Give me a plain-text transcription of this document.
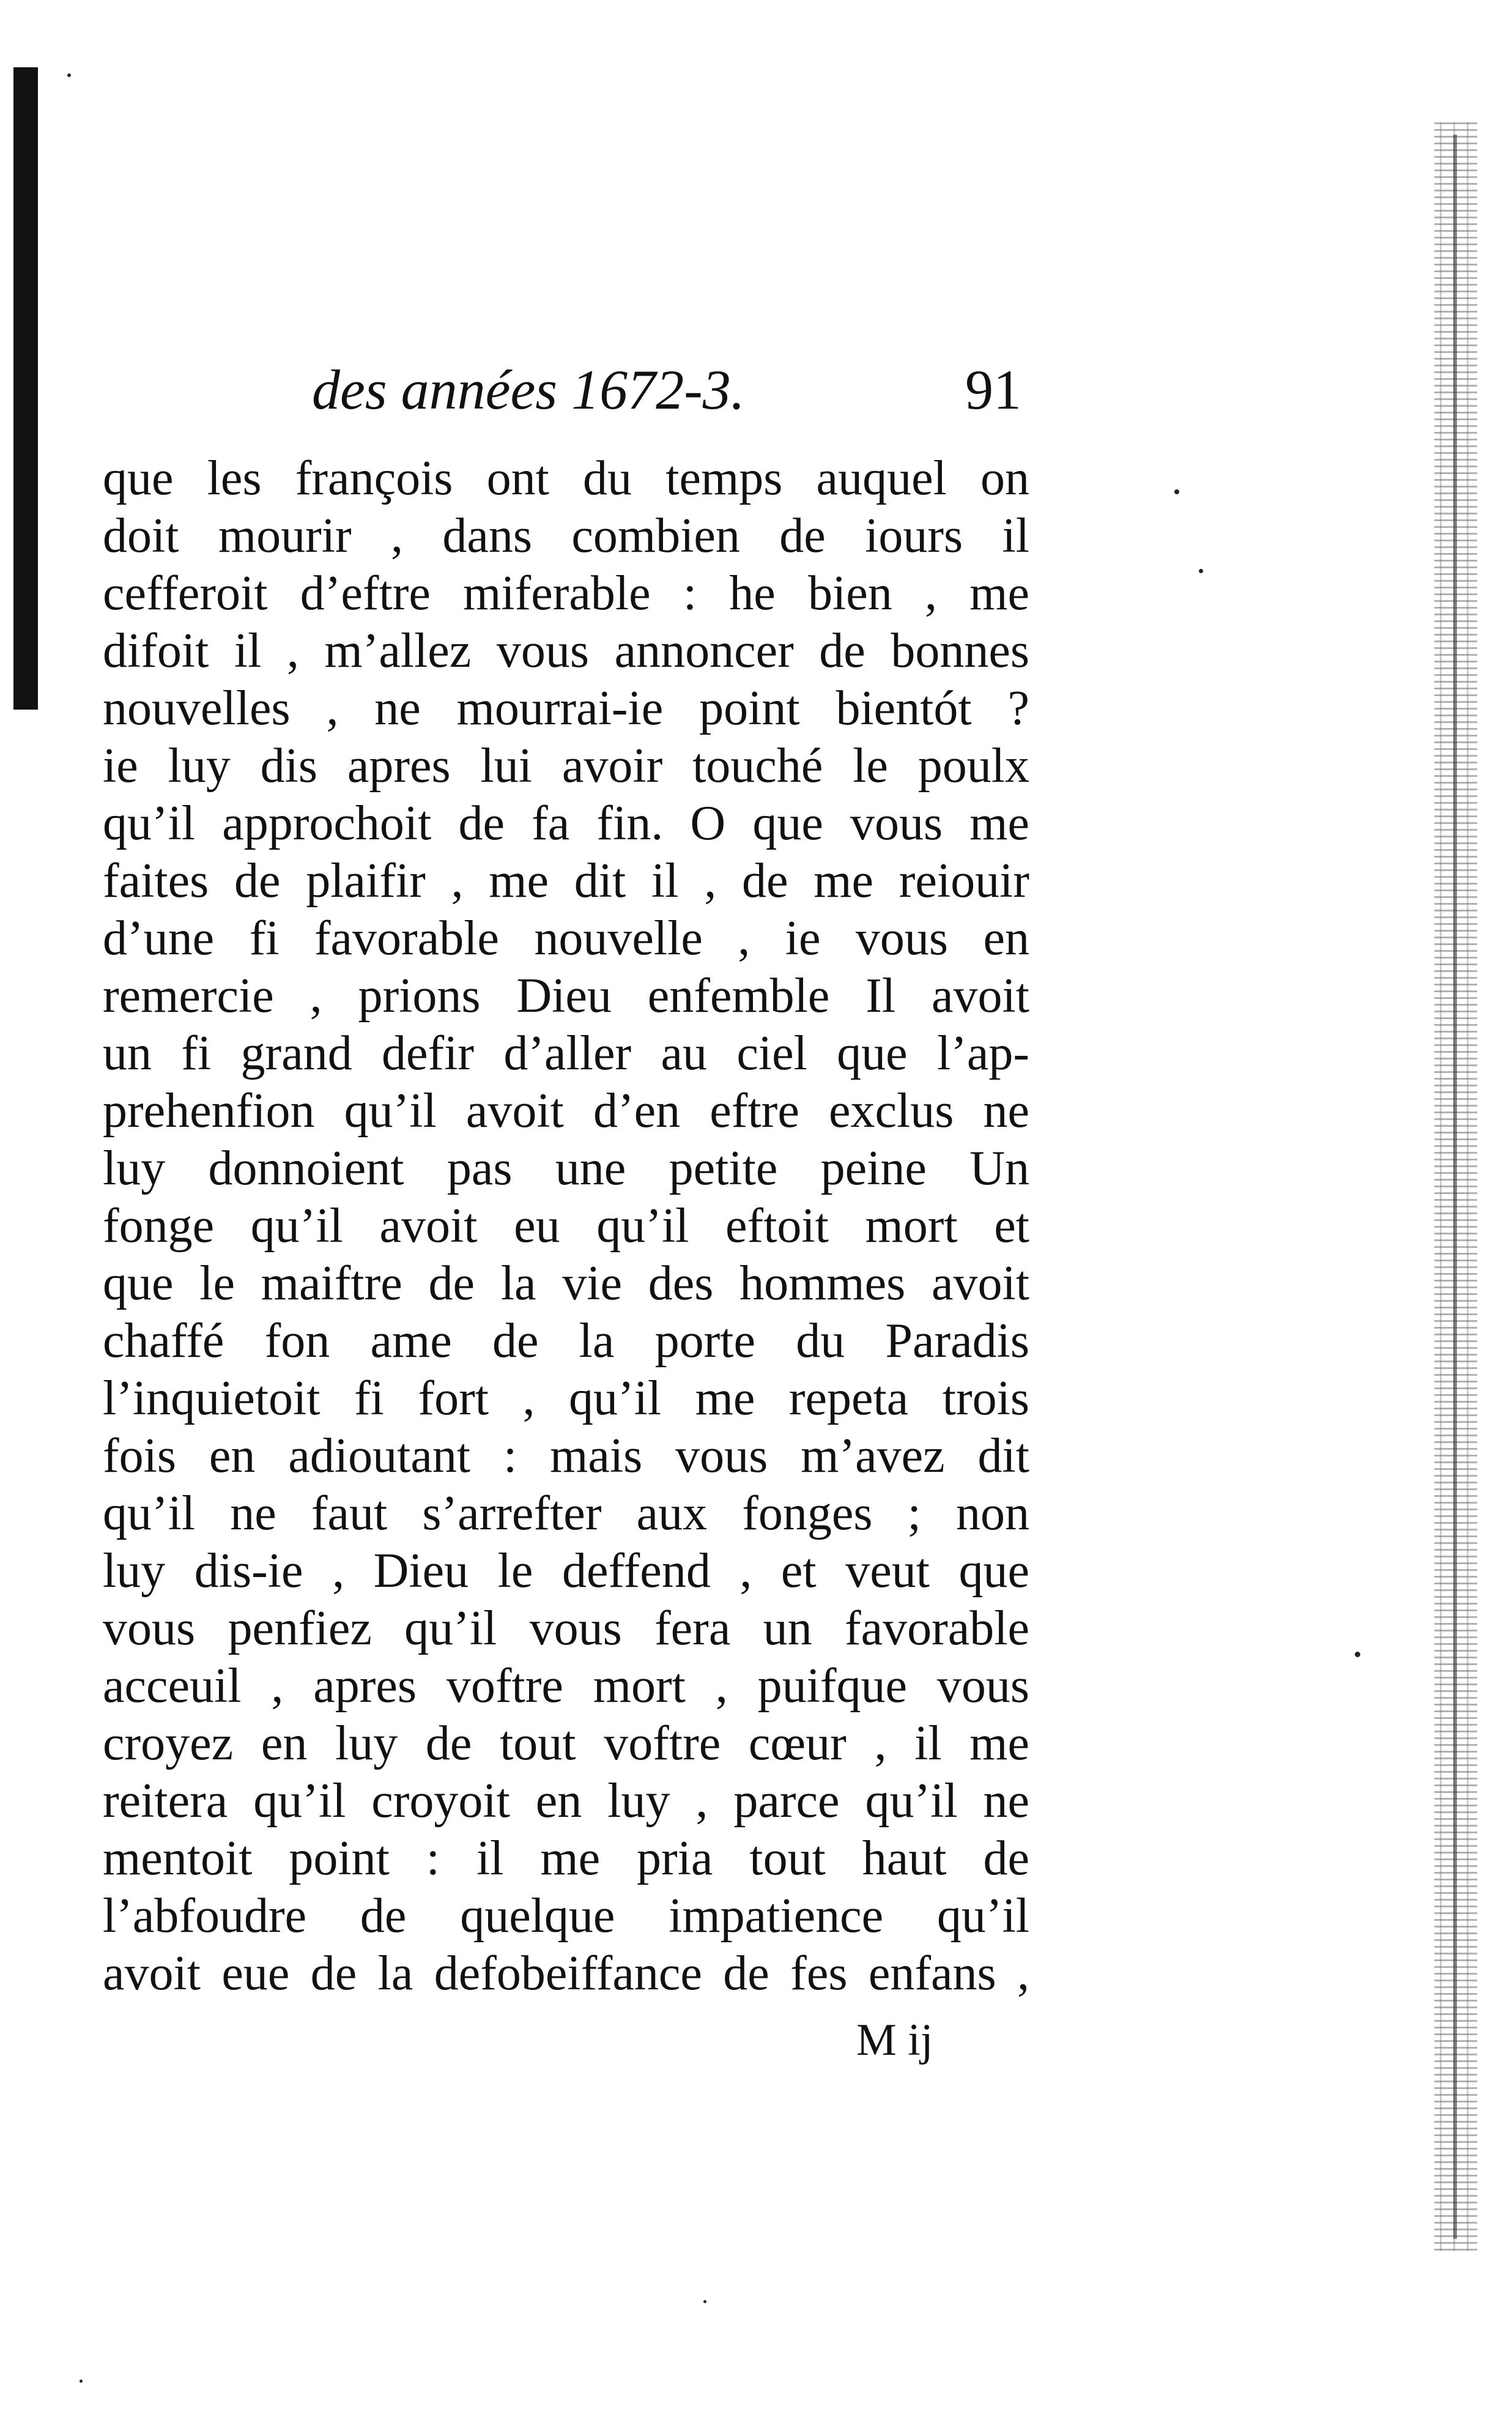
des années 1672-3.	91
que les françois ont du temps auquel on
doit mourir , dans combien de iours il
cefferoit d’eftre miferable : he bien , me
difoit il , m’allez vous annoncer de bonnes
nouvelles , ne mourrai-ie point bientót ?
ie luy dis apres lui avoir touché le poulx
qu’il approchoit de fa fin. O que vous me
faites de plaifir , me dit il , de me reiouir
d’une fi favorable nouvelle , ie vous en
remercie , prions Dieu enfemble Il avoit
un fi grand defir d’aller au ciel que l’ap-
prehenfion qu’il avoit d’en eftre exclus ne
luy donnoient pas une petite peine Un
fonge qu’il avoit eu qu’il eftoit mort et
que le maiftre de la vie des hommes avoit
chaffé fon ame de la porte du Paradis
l’inquietoit fi fort , qu’il me repeta trois
fois en adioutant : mais vous m’avez dit
qu’il ne faut s’arrefter aux fonges ; non
luy dis-ie , Dieu le deffend , et veut que
vous penfiez qu’il vous fera un favorable
acceuil , apres voftre mort , puifque vous
croyez en luy de tout voftre cœur , il me
reitera qu’il croyoit en luy , parce qu’il ne
mentoit point : il me pria tout haut de
l’abfoudre de quelque impatience qu’il
avoit eue de la defobeiffance de fes enfans ,
M ij
